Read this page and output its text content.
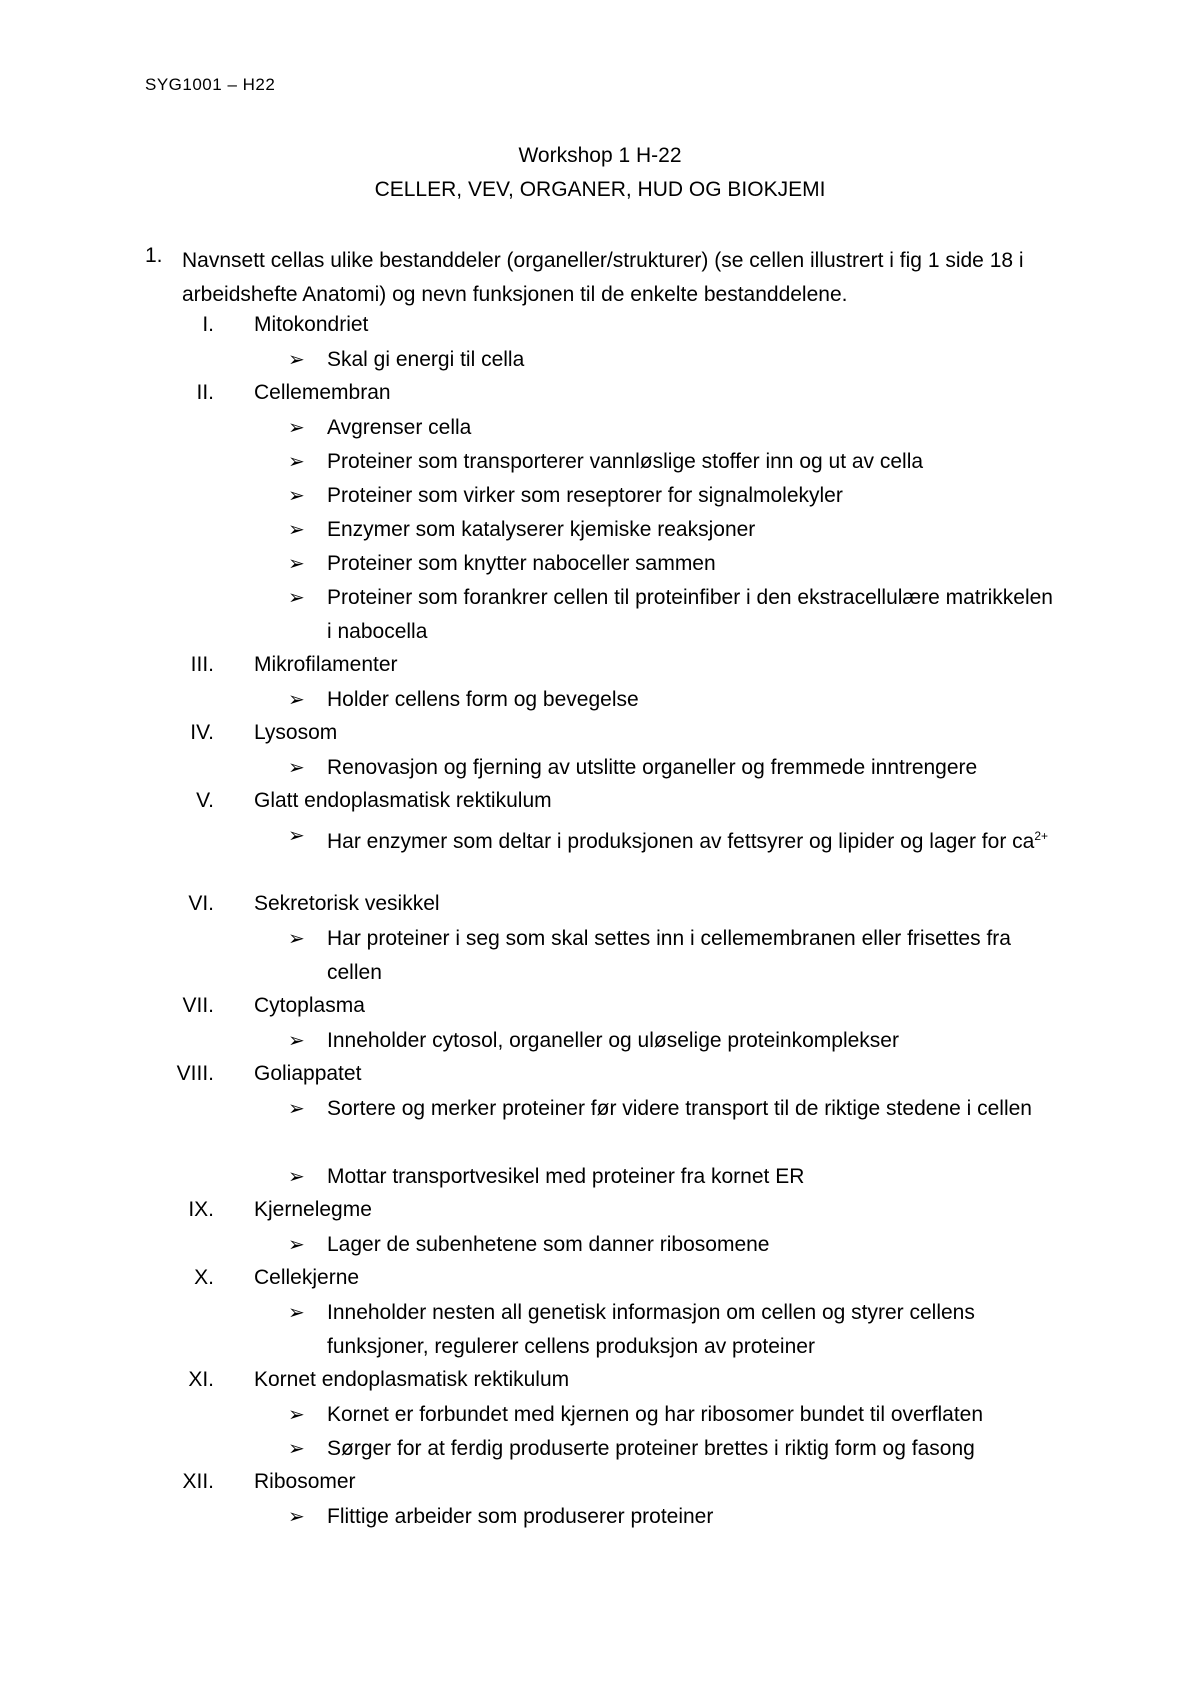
SYG1001 – H22
Workshop 1 H-22
CELLER, VEV, ORGANER, HUD OG BIOKJEMI
1. Navnsett cellas ulike bestanddeler (organeller/strukturer) (se cellen illustrert i fig 1 side 18 i arbeidshefte Anatomi) og nevn funksjonen til de enkelte bestanddelene.
I. Mitokondriet
➢ Skal gi energi til cella
II. Cellemembran
➢ Avgrenser cella
➢ Proteiner som transporterer vannløslige stoffer inn og ut av cella
➢ Proteiner som virker som reseptorer for signalmolekyler
➢ Enzymer som katalyserer kjemiske reaksjoner
➢ Proteiner som knytter naboceller sammen
➢ Proteiner som forankrer cellen til proteinfiber i den ekstracellulære matrikkelen i nabocella
III. Mikrofilamenter
➢ Holder cellens form og bevegelse
IV. Lysosom
➢ Renovasjon og fjerning av utslitte organeller og fremmede inntrengere
V. Glatt endoplasmatisk rektikulum
➢ Har enzymer som deltar i produksjonen av fettsyrer og lipider og lager for $ca^{2+}$
VI. Sekretorisk vesikkel
➢ Har proteiner i seg som skal settes inn i cellemembranen eller frisettes fra cellen
VII. Cytoplasma
➢ Inneholder cytosol, organeller og uløselige proteinkomplekser
VIII. Goliappatet
➢ Sortere og merker proteiner før videre transport til de riktige stedene i cellen
➢ Mottar transportvesikel med proteiner fra kornet ER
IX. Kjernelegme
➢ Lager de subenhetene som danner ribosomene
X. Cellekjerne
➢ Inneholder nesten all genetisk informasjon om cellen og styrer cellens funksjoner, regulerer cellens produksjon av proteiner
XI. Kornet endoplasmatisk rektikulum
➢ Kornet er forbundet med kjernen og har ribosomer bundet til overflaten
➢ Sørger for at ferdig produserte proteiner brettes i riktig form og fasong
XII. Ribosomer
➢ Flittige arbeider som produserer proteiner
